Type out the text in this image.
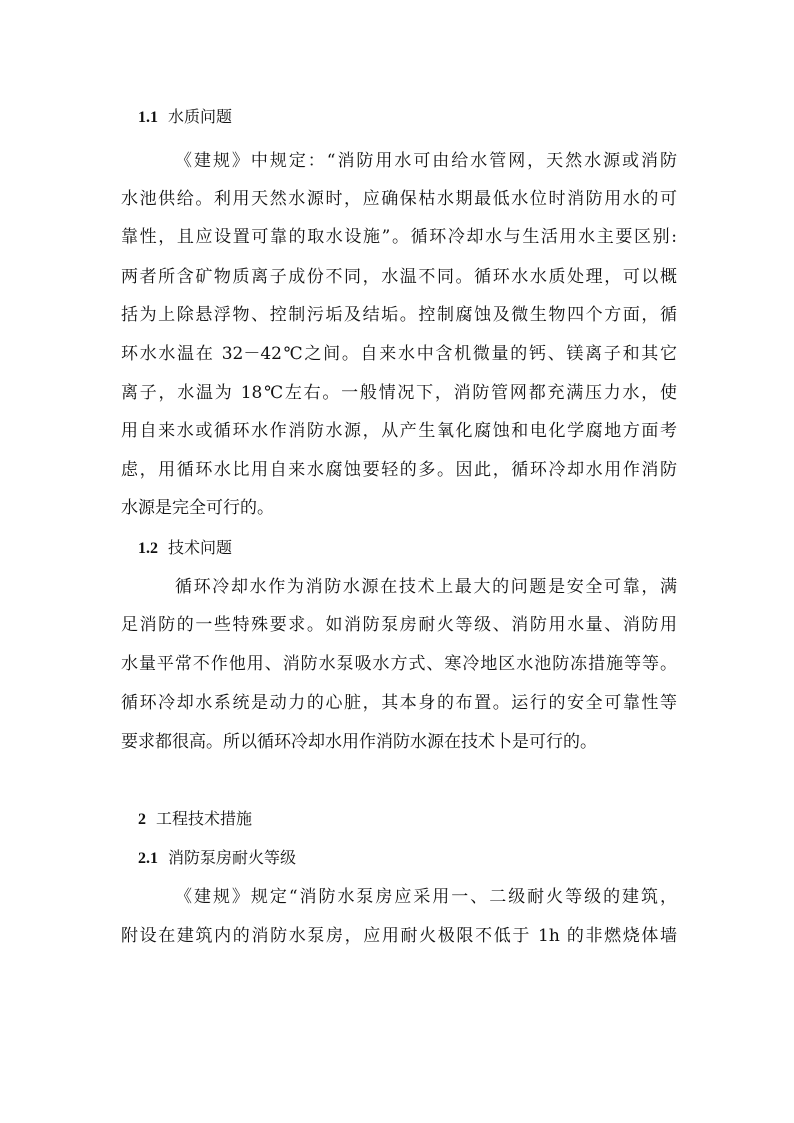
1.1 水质问题
《建规》中规定：“消防用水可由给水管网，天然水源或消防
水池供给。利用天然水源时，应确保枯水期最低水位时消防用水的可
靠性，且应设置可靠的取水设施”。循环冷却水与生活用水主要区别:
两者所含矿物质离子成份不同，水温不同。循环水水质处理，可以概
括为上除悬浮物、控制污垢及结垢。控制腐蚀及微生物四个方面，循
环水水温在 32－42℃之间。自来水中含机微量的钙、镁离子和其它
离子，水温为 18℃左右。一般情况下，消防管网都充满压力水，使
用自来水或循环水作消防水源，从产生氧化腐蚀和电化学腐地方面考
虑，用循环水比用自来水腐蚀要轻的多。因此，循环冷却水用作消防
水源是完全可行的。
1.2 技术问题
循环冷却水作为消防水源在技术上最大的问题是安全可靠，满
足消防的一些特殊要求。如消防泵房耐火等级、消防用水量、消防用
水量平常不作他用、消防水泵吸水方式、寒冷地区水池防冻措施等等。
循环冷却水系统是动力的心脏，其本身的布置。运行的安全可靠性等
要求都很高。所以循环冷却水用作消防水源在技术卜是可行的。
2 工程技术措施
2.1 消防泵房耐火等级
《建规》规定“消防水泵房应采用一、二级耐火等级的建筑，
附设在建筑内的消防水泵房，应用耐火极限不低于 1h 的非燃烧体墙
